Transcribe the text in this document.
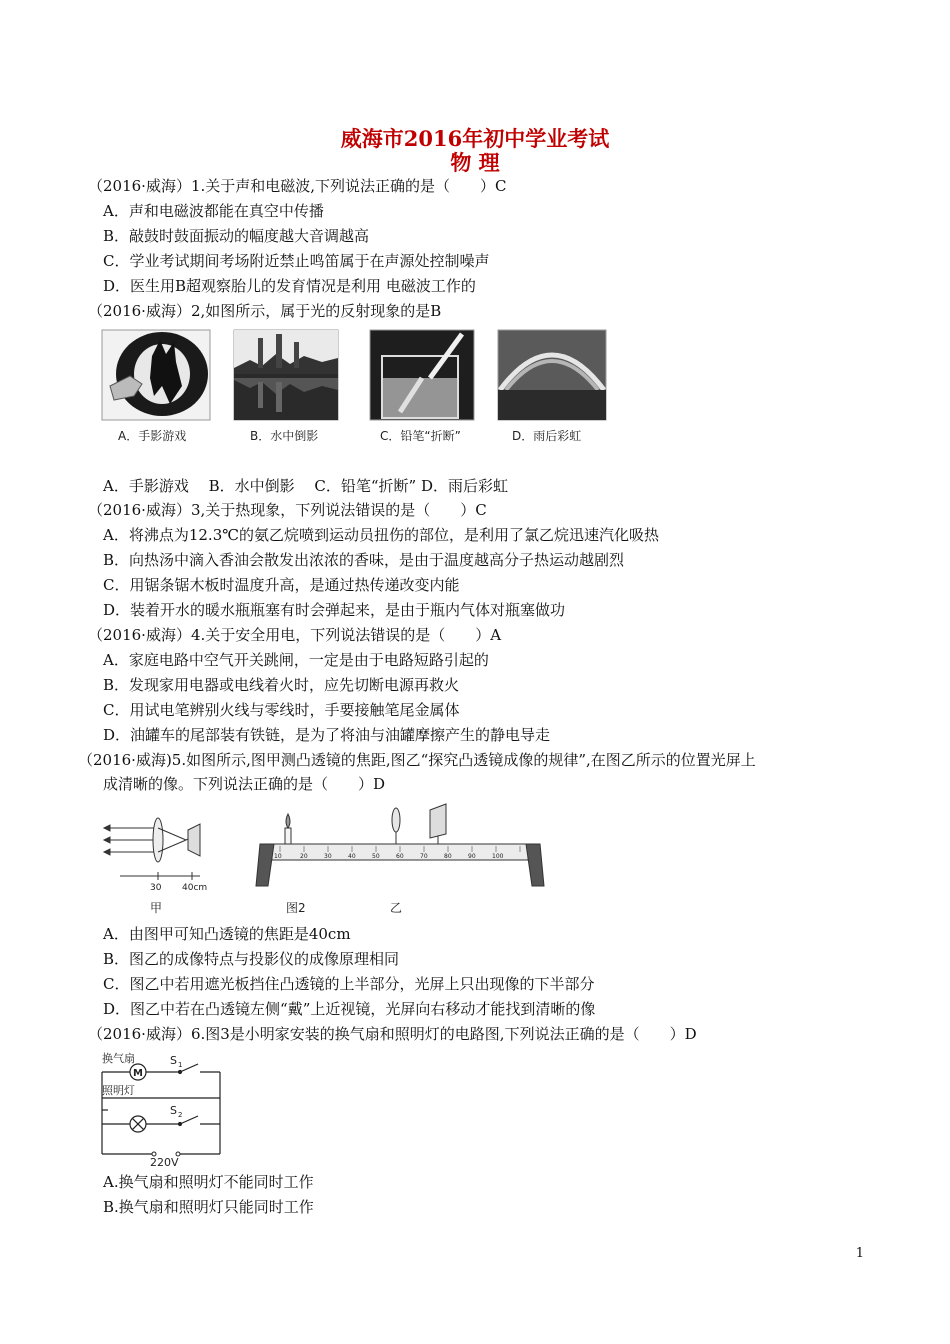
威海市2016年初中学业考试
物 理
（2016·威海）1.关于声和电磁波,下列说法正确的是（　　）C
A．声和电磁波都能在真空中传播
B．敲鼓时鼓面振动的幅度越大音调越高
C．学业考试期间考场附近禁止鸣笛属于在声源处控制噪声
D．医生用B超观察胎儿的发育情况是利用 电磁波工作的
（2016·威海）2,如图所示，属于光的反射现象的是B
A．手影游戏	B．水中倒影	C．铅笔“折断”	D．雨后彩虹
A．手影游戏　 B．水中倒影　 C．铅笔“折断” D．雨后彩虹
（2016·威海）3,关于热现象，下列说法错误的是（　　）C
A．将沸点为12.3℃的氨乙烷喷到运动员扭伤的部位，是利用了氯乙烷迅速汽化吸热
B．向热汤中滴入香油会散发出浓浓的香味，是由于温度越高分子热运动越剧烈
C．用锯条锯木板时温度升高，是通过热传递改变内能
D．装着开水的暖水瓶瓶塞有时会弹起来，是由于瓶内气体对瓶塞做功
（2016·威海）4.关于安全用电，下列说法错误的是（　　）A
A．家庭电路中空气开关跳闸，一定是由于电路短路引起的
B．发现家用电器或电线着火时，应先切断电源再救火
C．用试电笔辨别火线与零线时，手要接触笔尾金属体
D．油罐车的尾部装有铁链，是为了将油与油罐摩擦产生的静电导走
（2016·威海)5.如图所示,图甲测凸透镜的焦距,图乙“探究凸透镜成像的规律”,在图乙所示的位置光屏上
成清晰的像。下列说法正确的是（　　）D
30 40cm
10	20	30	40	50	60	70	80	90	100
甲	图2	乙
A．由图甲可知凸透镜的焦距是40cm
B．图乙的成像特点与投影仪的成像原理相同
C．图乙中若用遮光板挡住凸透镜的上半部分，光屏上只出现像的下半部分
D．图乙中若在凸透镜左侧“戴”上近视镜，光屏向右移动才能找到清晰的像
（2016·威海）6.图3是小明家安装的换气扇和照明灯的电路图,下列说法正确的是（　　）D
换气扇	S 1
照明灯
S 2
M
220V
A.换气扇和照明灯不能同时工作
B.换气扇和照明灯只能同时工作
1
